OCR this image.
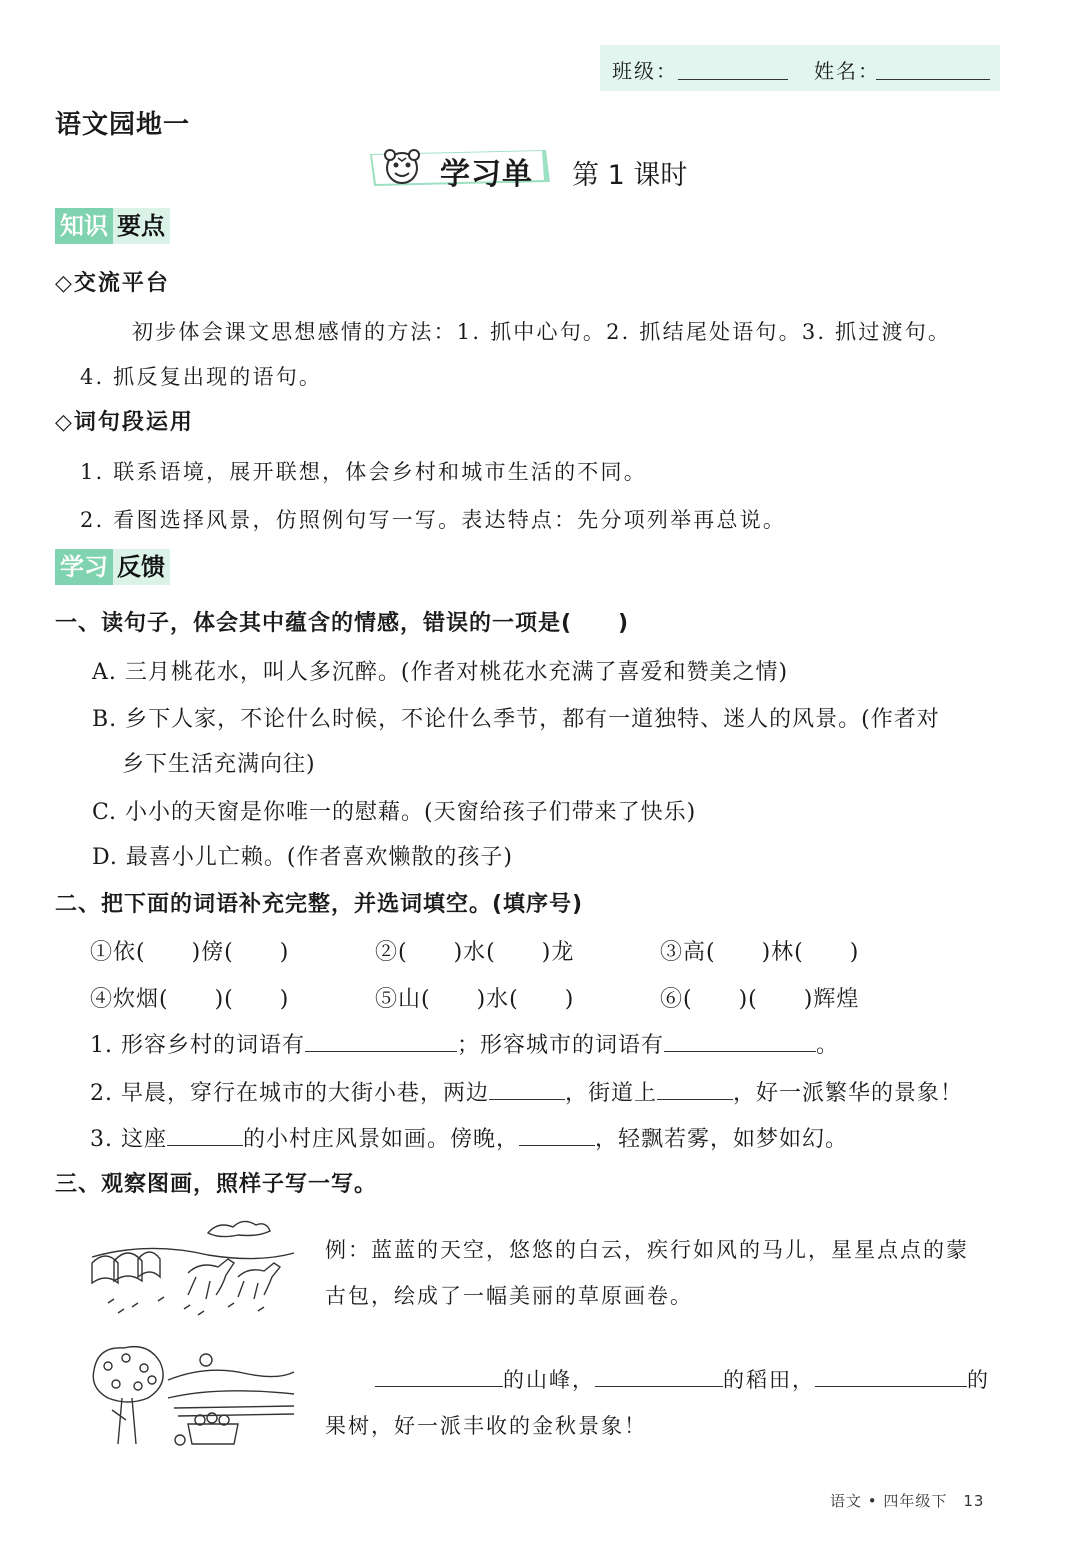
班级：	姓名：
语文园地一
学习单 第 1 课时
知识 要点
◇交流平台
初步体会课文思想感情的方法：1. 抓中心句。2. 抓结尾处语句。3. 抓过渡句。
4. 抓反复出现的语句。
◇词句段运用
1. 联系语境，展开联想，体会乡村和城市生活的不同。
2. 看图选择风景，仿照例句写一写。表达特点：先分项列举再总说。
学习 反馈
一、读句子，体会其中蕴含的情感，错误的一项是(　　)
A. 三月桃花水，叫人多沉醉。(作者对桃花水充满了喜爱和赞美之情)
B. 乡下人家，不论什么时候，不论什么季节，都有一道独特、迷人的风景。(作者对
乡下生活充满向往)
C. 小小的天窗是你唯一的慰藉。(天窗给孩子们带来了快乐)
D. 最喜小儿亡赖。(作者喜欢懒散的孩子)
二、把下面的词语补充完整，并选词填空。(填序号)
①依(　　)傍(　　)	②(　　)水(　　)龙	③高(　　)林(　　)
④炊烟(　　)(　　)	⑤山(　　)水(　　)	⑥(　　)(　　)辉煌
1. 形容乡村的词语有	；形容城市的词语有	。
2. 早晨，穿行在城市的大街小巷，两边	，街道上	，好一派繁华的景象！
3. 这座	的小村庄风景如画。傍晚，	，轻飘若雾，如梦如幻。
三、观察图画，照样子写一写。
例：蓝蓝的天空，悠悠的白云，疾行如风的马儿，星星点点的蒙
古包，绘成了一幅美丽的草原画卷。
的山峰，	的稻田，	的
果树，好一派丰收的金秋景象！
语文 • 四年级下　13
